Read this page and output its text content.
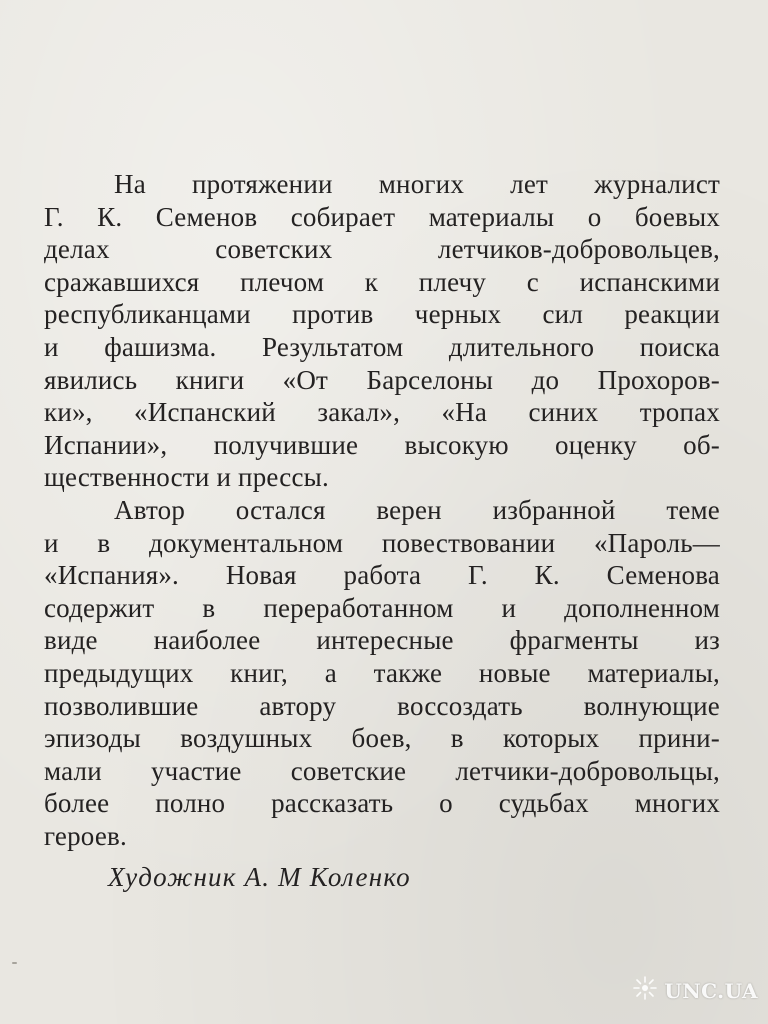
На протяжении многих лет журналист
Г. К. Семенов собирает материалы о боевых
делах советских летчиков-добровольцев,
сражавшихся плечом к плечу с испанскими
республиканцами против черных сил реакции
и фашизма. Результатом длительного поиска
явились книги «От Барселоны до Прохоров-
ки», «Испанский закал», «На синих тропах
Испании», получившие высокую оценку об-
щественности и прессы.
Автор остался верен избранной теме
и в документальном повествовании «Пароль—
«Испания». Новая работа Г. К. Семенова
содержит в переработанном и дополненном
виде наиболее интересные фрагменты из
предыдущих книг, а также новые материалы,
позволившие автору воссоздать волнующие
эпизоды воздушных боев, в которых прини-
мали участие советские летчики-добровольцы,
более полно рассказать о судьбах многих
героев.
Художник А. М Коленко
UNC.UA
